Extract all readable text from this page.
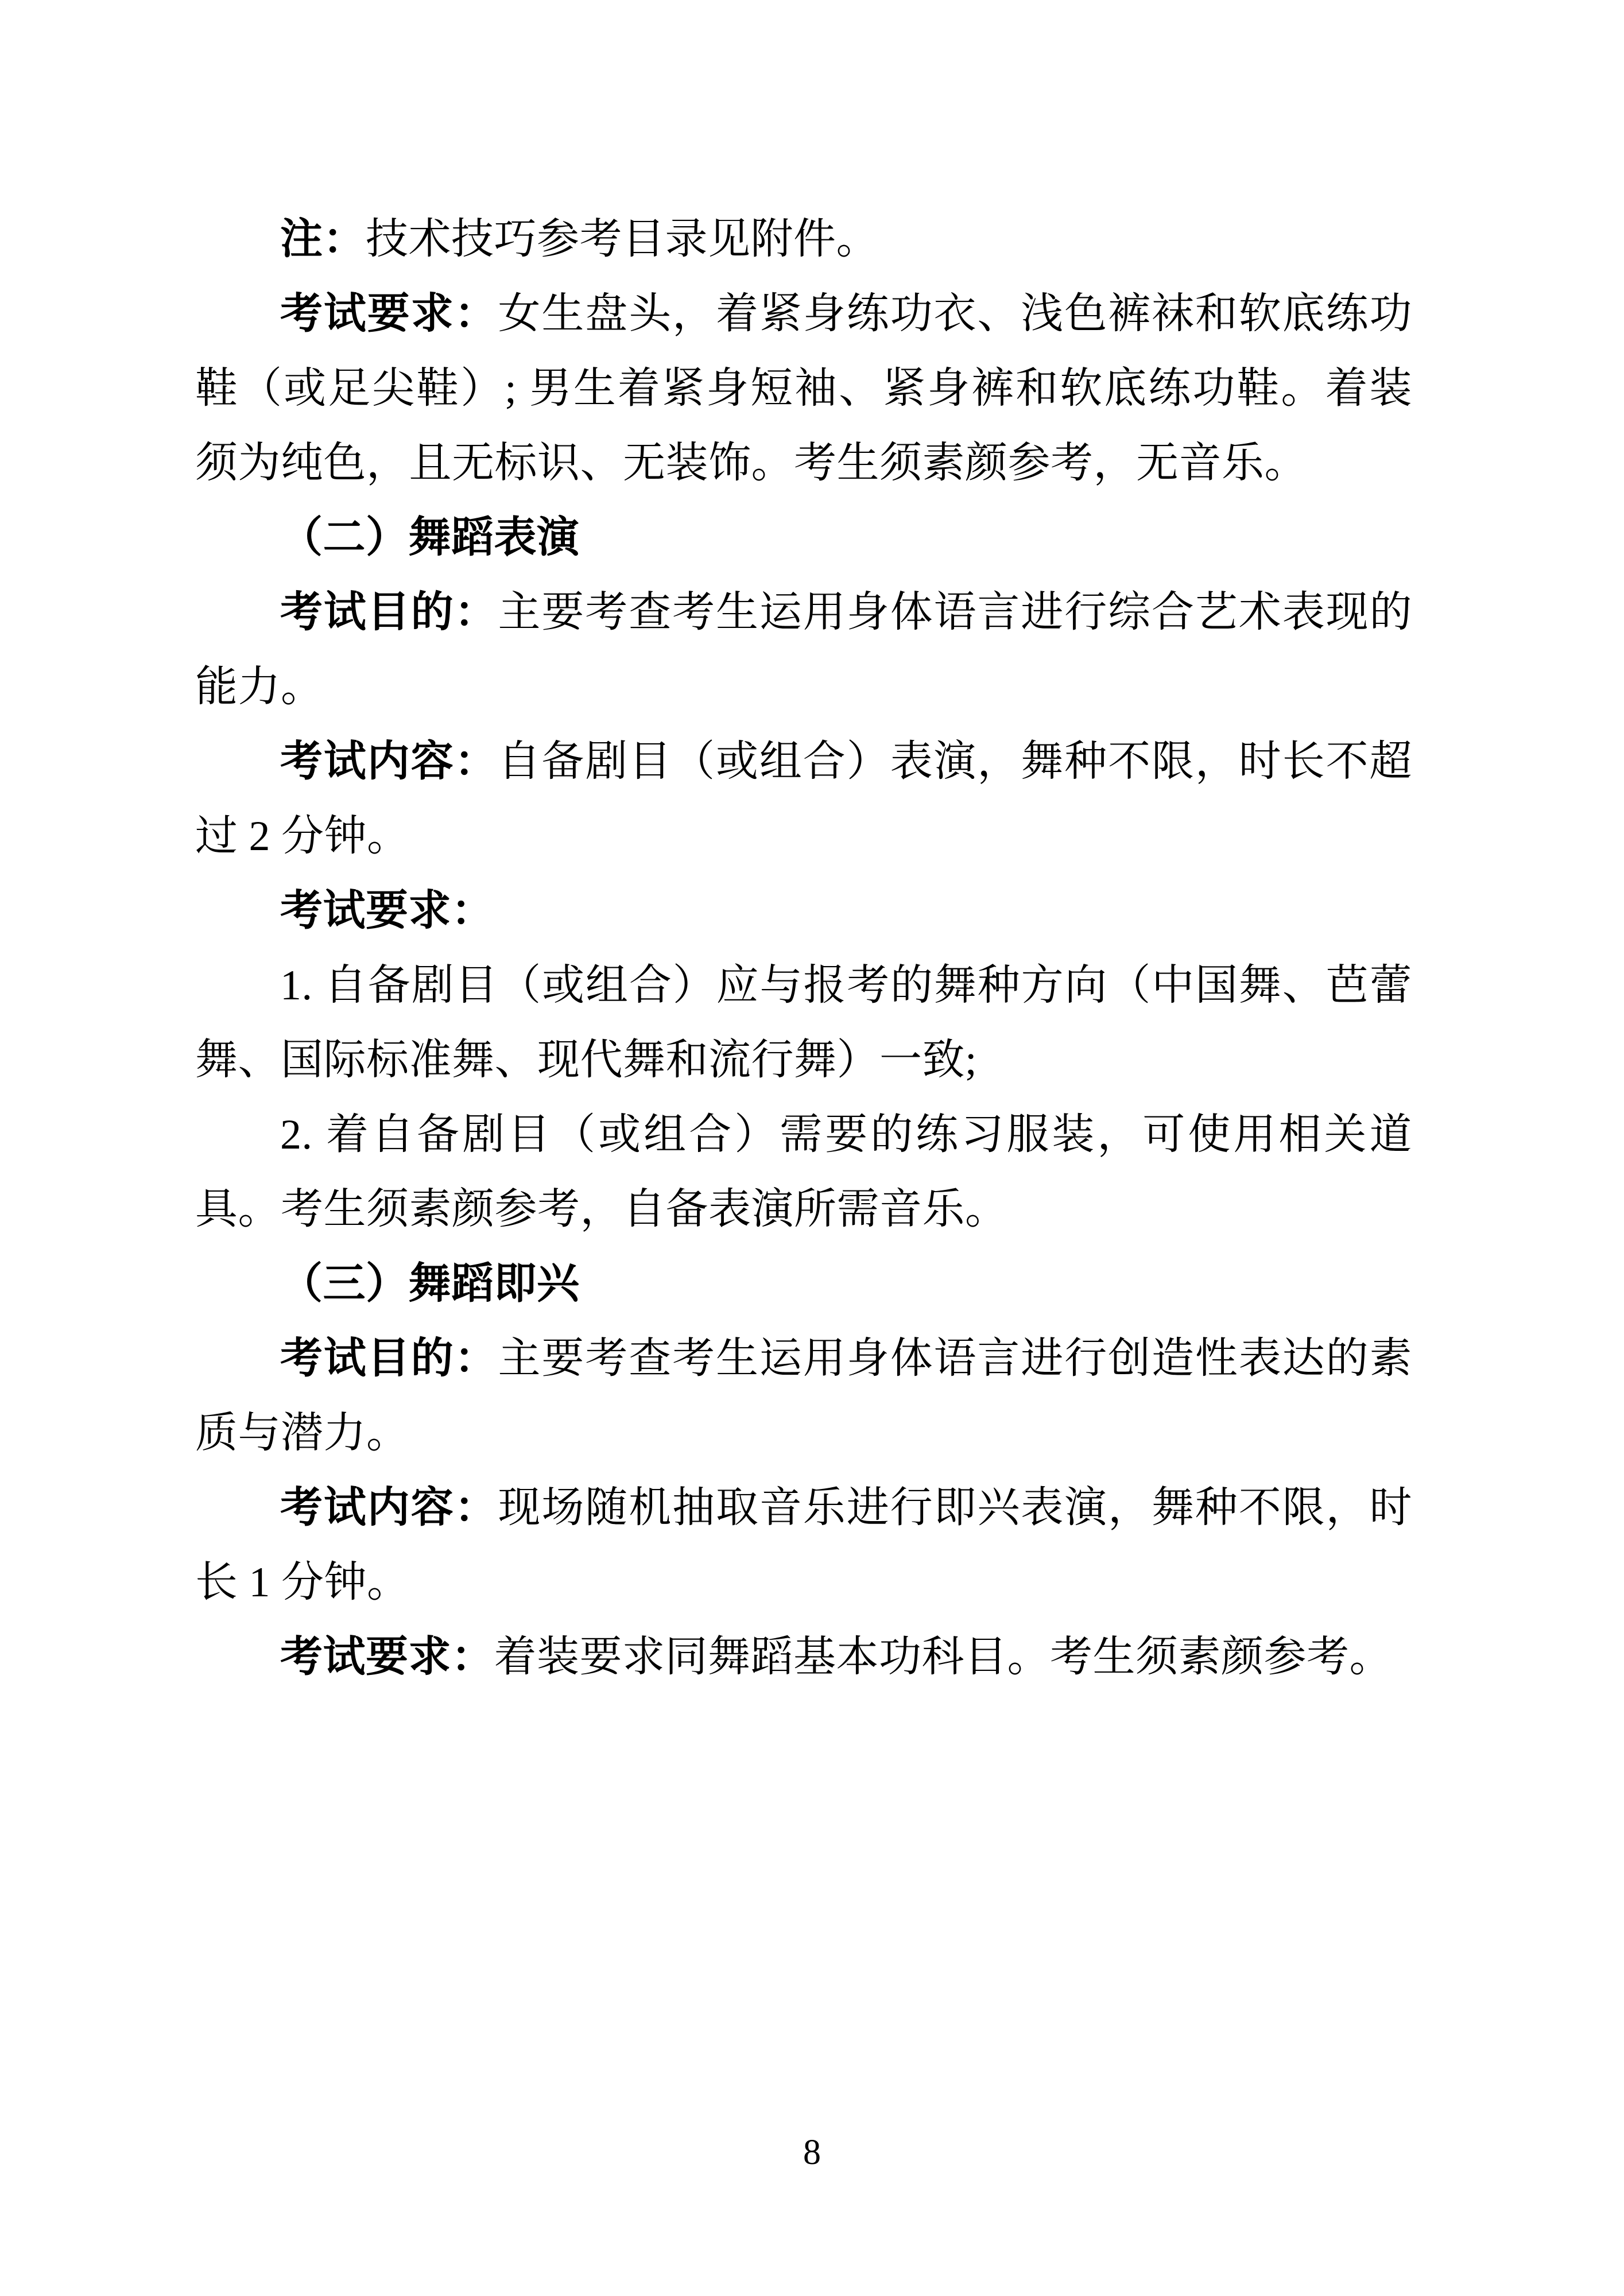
注：技术技巧参考目录见附件。

考试要求：女生盘头，着紧身练功衣、浅色裤袜和软底练功鞋（或足尖鞋）; 男生着紧身短袖、紧身裤和软底练功鞋。着装须为纯色，且无标识、无装饰。考生须素颜参考，无音乐。

（二）舞蹈表演

考试目的：主要考查考生运用身体语言进行综合艺术表现的能力。

考试内容：自备剧目（或组合）表演，舞种不限，时长不超过 2 分钟。

考试要求：

1. 自备剧目（或组合）应与报考的舞种方向（中国舞、芭蕾舞、国际标准舞、现代舞和流行舞）一致;

2. 着自备剧目（或组合）需要的练习服装，可使用相关道具。考生须素颜参考，自备表演所需音乐。

（三）舞蹈即兴

考试目的：主要考查考生运用身体语言进行创造性表达的素质与潜力。

考试内容：现场随机抽取音乐进行即兴表演，舞种不限，时长 1 分钟。

考试要求：着装要求同舞蹈基本功科目。考生须素颜参考。

8
